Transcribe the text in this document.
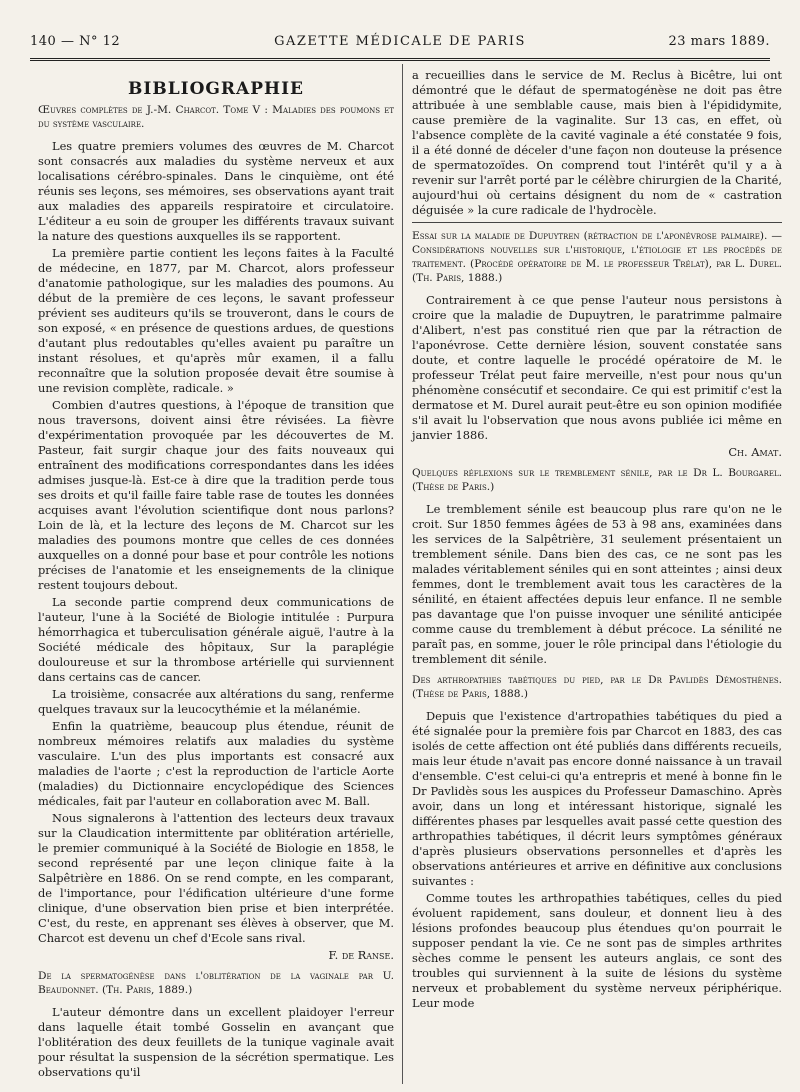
140 — N° 12	GAZETTE MÉDICALE DE PARIS	23 mars 1889.
BIBLIOGRAPHIE
Œuvres complètes de J.-M. Charcot. Tome V : Maladies des poumons et du système vasculaire.

Les quatre premiers volumes des œuvres de M. Charcot sont consacrés aux maladies du système nerveux et aux localisations cérébro-spinales. Dans le cinquième, ont été réunis ses leçons, ses mémoires, ses observations ayant trait aux maladies des appareils respiratoire et circulatoire. L'éditeur a eu soin de grouper les différents travaux suivant la nature des questions auxquelles ils se rapportent.

La première partie contient les leçons faites à la Faculté de médecine, en 1877, par M. Charcot, alors professeur d'anatomie pathologique, sur les maladies des poumons. Au début de la première de ces leçons, le savant professeur prévient ses auditeurs qu'ils se trouveront, dans le cours de son exposé, « en présence de questions ardues, de questions d'autant plus redoutables qu'elles avaient pu paraître un instant résolues, et qu'après mûr examen, il a fallu reconnaître que la solution proposée devait être soumise à une revision complète, radicale. »

Combien d'autres questions, à l'époque de transition que nous traversons, doivent ainsi être révisées. La fièvre d'expérimentation provoquée par les découvertes de M. Pasteur, fait surgir chaque jour des faits nouveaux qui entraînent des modifications correspondantes dans les idées admises jusque-là. Est-ce à dire que la tradition perde tous ses droits et qu'il faille faire table rase de toutes les données acquises avant l'évolution scientifique dont nous parlons? Loin de là, et la lecture des leçons de M. Charcot sur les maladies des poumons montre que celles de ces données auxquelles on a donné pour base et pour contrôle les notions précises de l'anatomie et les enseignements de la clinique restent toujours debout.

La seconde partie comprend deux communications de l'auteur, l'une à la Société de Biologie intitulée : Purpura hémorrhagica et tuberculisation générale aiguë, l'autre à la Société médicale des hôpitaux, Sur la paraplégie douloureuse et sur la thrombose artérielle qui surviennent dans certains cas de cancer.

La troisième, consacrée aux altérations du sang, renferme quelques travaux sur la leucocythémie et la mélanémie.

Enfin la quatrième, beaucoup plus étendue, réunit de nombreux mémoires relatifs aux maladies du système vasculaire. L'un des plus importants est consacré aux maladies de l'aorte ; c'est la reproduction de l'article Aorte (maladies) du Dictionnaire encyclopédique des Sciences médicales, fait par l'auteur en collaboration avec M. Ball.

Nous signalerons à l'attention des lecteurs deux travaux sur la Claudication intermittente par oblitération artérielle, le premier communiqué à la Société de Biologie en 1858, le second représenté par une leçon clinique faite à la Salpêtrière en 1886. On se rend compte, en les comparant, de l'importance, pour l'édification ultérieure d'une forme clinique, d'une observation bien prise et bien interprétée. C'est, du reste, en apprenant ses élèves à observer, que M. Charcot est devenu un chef d'Ecole sans rival.

F. de Ranse.
De la spermatogénèse dans l'oblitération de la vaginale par U. Beaudonnet. (Th. Paris, 1889.)

L'auteur démontre dans un excellent plaidoyer l'erreur dans laquelle était tombé Gosselin en avançant que l'oblitération des deux feuillets de la tunique vaginale avait pour résultat la suspension de la sécrétion spermatique. Les observations qu'il

a recueillies dans le service de M. Reclus à Bicêtre, lui ont démontré que le défaut de spermatogénèse ne doit pas être attribuée à une semblable cause, mais bien à l'épididymite, cause première de la vaginalite. Sur 13 cas, en effet, où l'absence complète de la cavité vaginale a été constatée 9 fois, il a été donné de déceler d'une façon non douteuse la présence de spermatozoïdes. On comprend tout l'intérêt qu'il y a à revenir sur l'arrêt porté par le célèbre chirurgien de la Charité, aujourd'hui où certains désignent du nom de « castration déguisée » la cure radicale de l'hydrocèle.

Essai sur la maladie de Dupuytren (rétraction de l'aponévrose palmaire). — Considérations nouvelles sur l'historique, l'étiologie et les procédés de traitement. (Procédé opératoire de M. le professeur Trélat), par L. Durel. (Th. Paris, 1888.)

Contrairement à ce que pense l'auteur nous persistons à croire que la maladie de Dupuytren, le paratrimme palmaire d'Alibert, n'est pas constitué rien que par la rétraction de l'aponévrose. Cette dernière lésion, souvent constatée sans doute, et contre laquelle le procédé opératoire de M. le professeur Trélat peut faire merveille, n'est pour nous qu'un phénomène consécutif et secondaire. Ce qui est primitif c'est la dermatose et M. Durel aurait peut-être eu son opinion modifiée s'il avait lu l'observation que nous avons publiée ici même en janvier 1886.

Ch. Amat.
Quelques réflexions sur le tremblement sénile, par le Dr L. Bourgarel. (Thèse de Paris.)

Le tremblement sénile est beaucoup plus rare qu'on ne le croit. Sur 1850 femmes âgées de 53 à 98 ans, examinées dans les services de la Salpêtrière, 31 seulement présentaient un tremblement sénile. Dans bien des cas, ce ne sont pas les malades véritablement séniles qui en sont atteintes ; ainsi deux femmes, dont le tremblement avait tous les caractères de la sénilité, en étaient affectées depuis leur enfance. Il ne semble pas davantage que l'on puisse invoquer une sénilité anticipée comme cause du tremblement à début précoce. La sénilité ne paraît pas, en somme, jouer le rôle principal dans l'étiologie du tremblement dit sénile.

Des arthropathies tabétiques du pied, par le Dr Pavlidès Démosthènes. (Thèse de Paris, 1888.)

Depuis que l'existence d'artropathies tabétiques du pied a été signalée pour la première fois par Charcot en 1883, des cas isolés de cette affection ont été publiés dans différents recueils, mais leur étude n'avait pas encore donné naissance à un travail d'ensemble. C'est celui-ci qu'a entrepris et mené à bonne fin le Dr Pavlidès sous les auspices du Professeur Damaschino. Après avoir, dans un long et intéressant historique, signalé les différentes phases par lesquelles avait passé cette question des arthropathies tabétiques, il décrit leurs symptômes généraux d'après plusieurs observations personnelles et d'après les observations antérieures et arrive en définitive aux conclusions suivantes :

Comme toutes les arthropathies tabétiques, celles du pied évoluent rapidement, sans douleur, et donnent lieu à des lésions profondes beaucoup plus étendues qu'on pourrait le supposer pendant la vie. Ce ne sont pas de simples arthrites sèches comme le pensent les auteurs anglais, ce sont des troubles qui surviennent à la suite de lésions du système nerveux et probablement du système nerveux périphérique. Leur mode
